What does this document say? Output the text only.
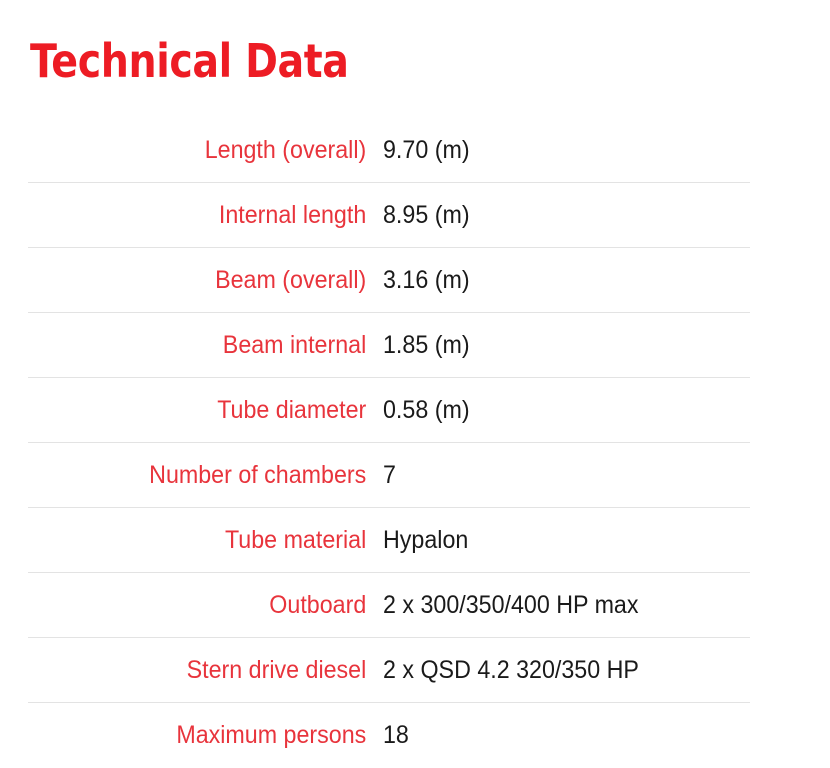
Technical Data
Length (overall)	9.70 (m)
Internal length	8.95 (m)
Beam (overall)	3.16 (m)
Beam internal	1.85 (m)
Tube diameter	0.58 (m)
Number of chambers	7
Tube material	Hypalon
Outboard	2 x 300/350/400 HP max
Stern drive diesel	2 x QSD 4.2 320/350 HP
Maximum persons	18
